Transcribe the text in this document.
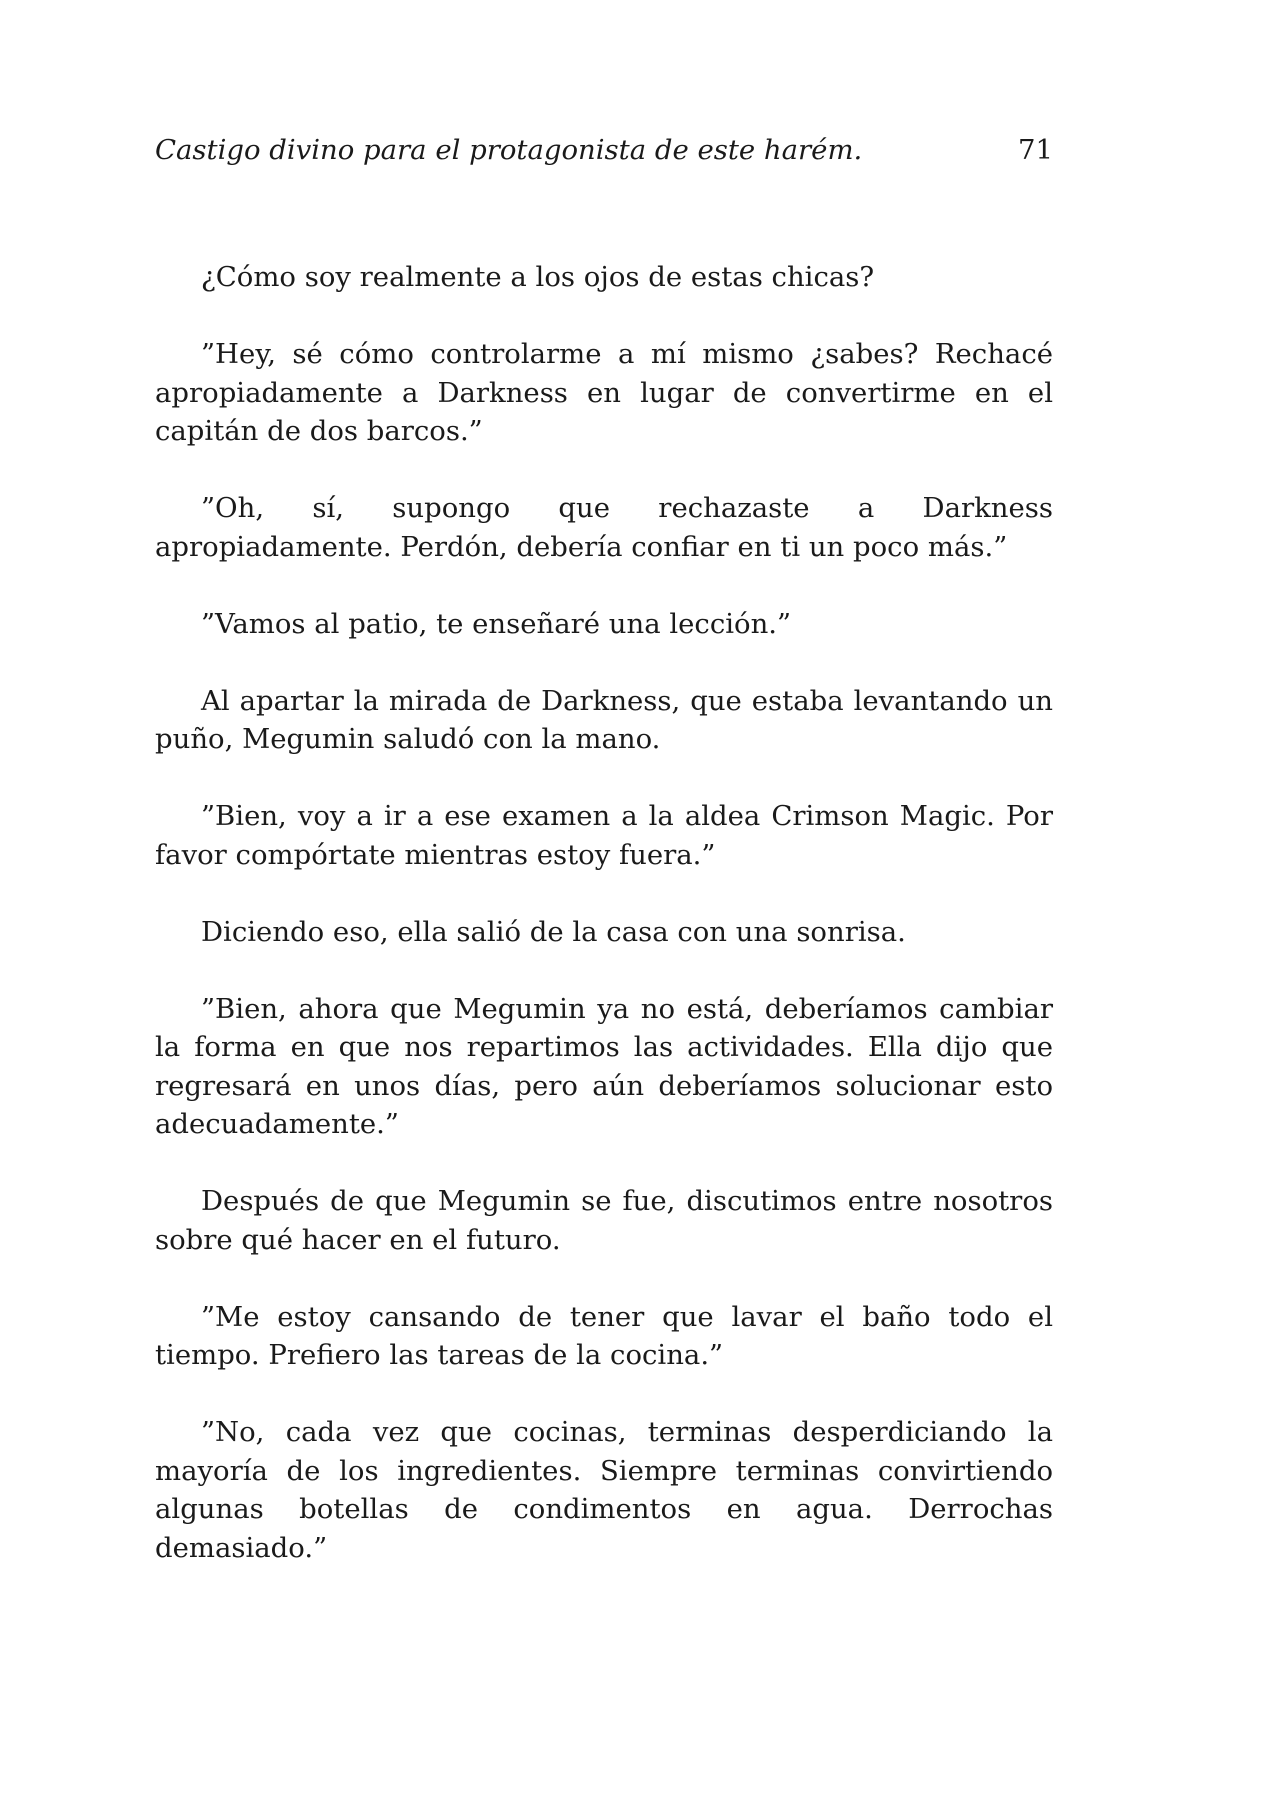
Castigo divino para el protagonista de este harém.	71

¿Cómo soy realmente a los ojos de estas chicas?

”Hey, sé cómo controlarme a mí mismo ¿sabes? Rechacé apropiadamente a Darkness en lugar de convertirme en el capitán de dos barcos.”

”Oh, sí, supongo que rechazaste a Darkness apropiadamente. Perdón, debería confiar en ti un poco más.”

”Vamos al patio, te enseñaré una lección.”

Al apartar la mirada de Darkness, que estaba levantando un puño, Megumin saludó con la mano.

”Bien, voy a ir a ese examen a la aldea Crimson Magic. Por favor compórtate mientras estoy fuera.”

Diciendo eso, ella salió de la casa con una sonrisa.

”Bien, ahora que Megumin ya no está, deberíamos cambiar la forma en que nos repartimos las actividades. Ella dijo que regresará en unos días, pero aún deberíamos solucionar esto adecuadamente.”

Después de que Megumin se fue, discutimos entre nosotros sobre qué hacer en el futuro.

”Me estoy cansando de tener que lavar el baño todo el tiempo. Prefiero las tareas de la cocina.”

”No, cada vez que cocinas, terminas desperdiciando la mayoría de los ingredientes. Siempre terminas convirtiendo algunas botellas de condimentos en agua. Derrochas demasiado.”
